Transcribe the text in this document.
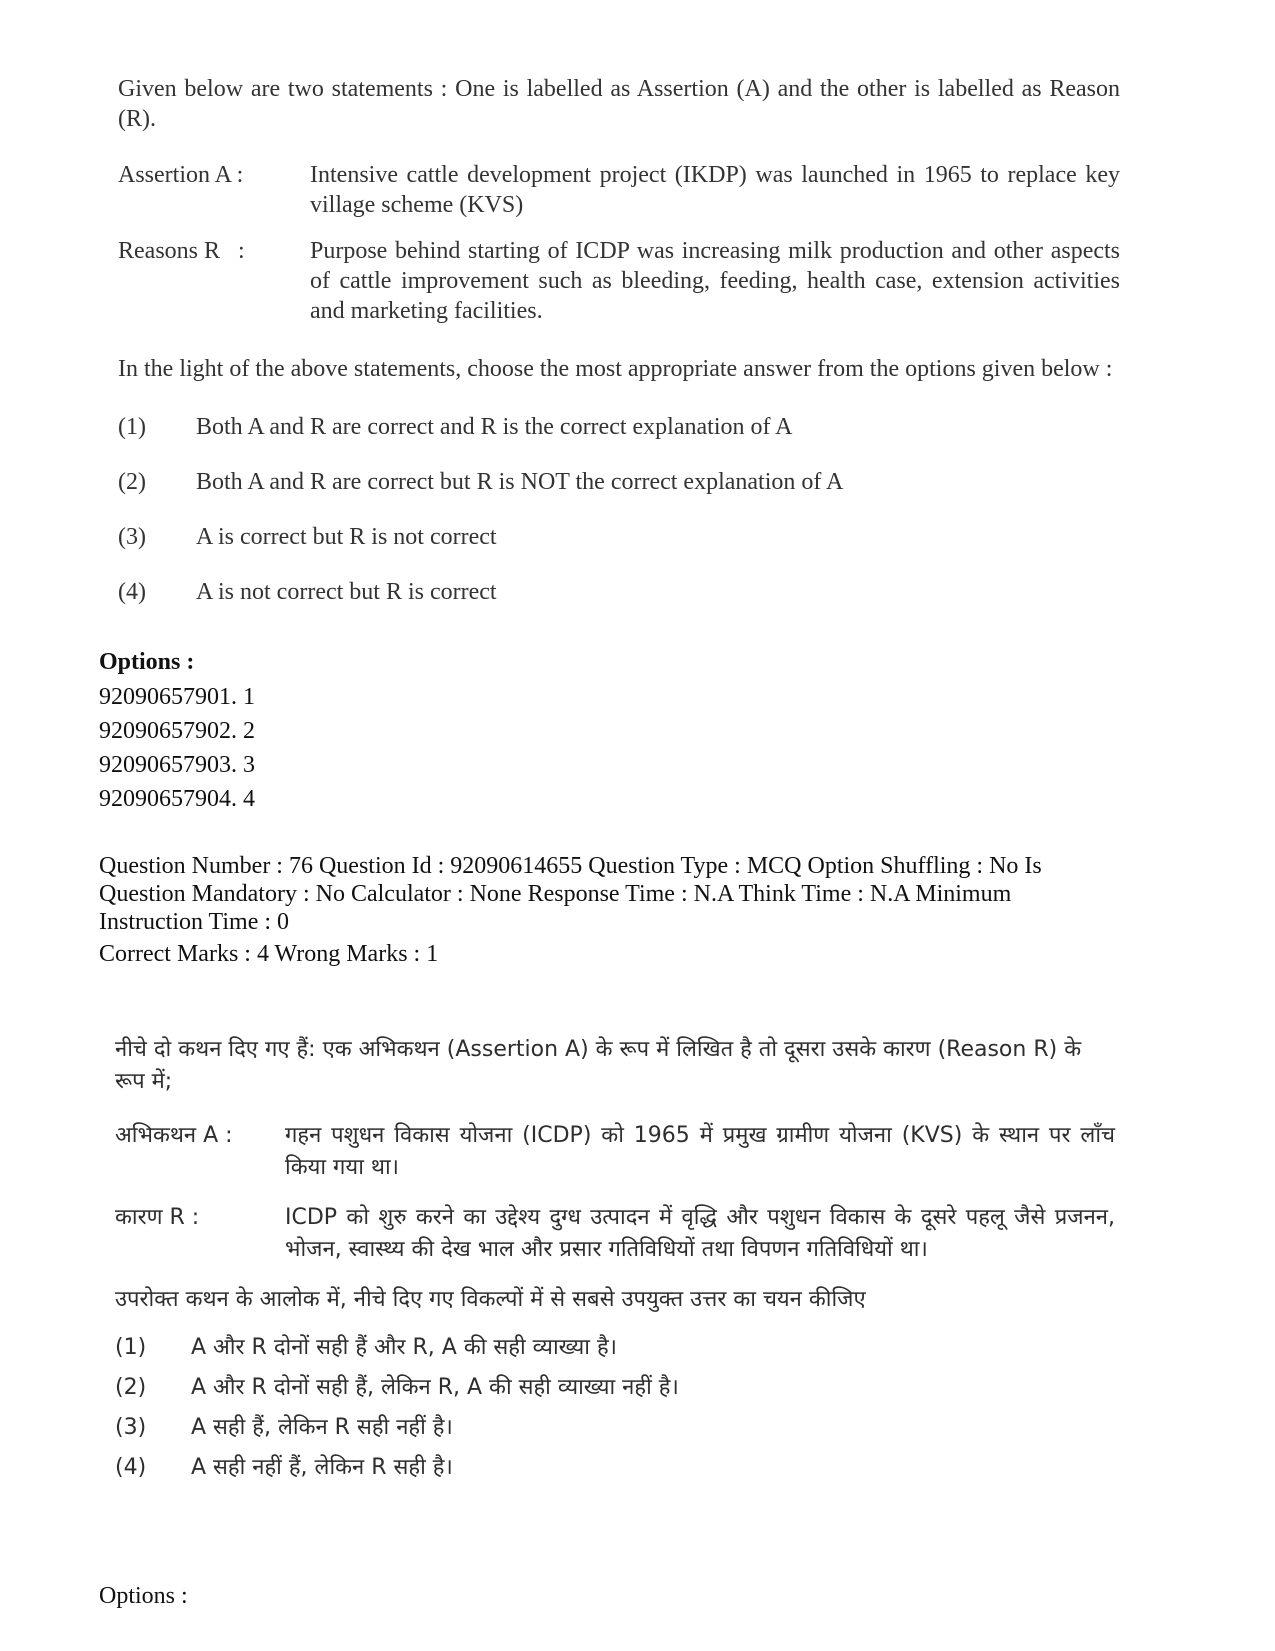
Given below are two statements : One is labelled as Assertion (A) and the other is labelled as Reason (R).

Assertion A :	Intensive cattle development project (IKDP) was launched in 1965 to replace key village scheme (KVS)
Reasons R   :	Purpose behind starting of ICDP was increasing milk production and other aspects of cattle improvement such as bleeding, feeding, health case, extension activities and marketing facilities.

In the light of the above statements, choose the most appropriate answer from the options given below :

(1)	Both A and R are correct and R is the correct explanation of A
(2)	Both A and R are correct but R is NOT the correct explanation of A
(3)	A is correct but R is not correct
(4)	A is not correct but R is correct
Options :
92090657901. 1
92090657902. 2
92090657903. 3
92090657904. 4
Question Number : 76 Question Id : 92090614655 Question Type : MCQ Option Shuffling : No Is
Question Mandatory : No Calculator : None Response Time : N.A Think Time : N.A Minimum
Instruction Time : 0
Correct Marks : 4 Wrong Marks : 1

नीचे दो कथन दिए गए हैं: एक अभिकथन (Assertion A) के रूप में लिखित है तो दूसरा उसके कारण (Reason R) के रूप में;

अभिकथन A :	गहन पशुधन विकास योजना (ICDP) को 1965 में प्रमुख ग्रामीण योजना (KVS) के स्थान पर लाँच किया गया था।
कारण R :	ICDP को शुरु करने का उद्देश्य दुग्ध उत्पादन में वृद्धि और पशुधन विकास के दूसरे पहलू जैसे प्रजनन, भोजन, स्वास्थ्य की देख भाल और प्रसार गतिविधियों तथा विपणन गतिविधियों था।

उपरोक्त कथन के आलोक में, नीचे दिए गए विकल्पों में से सबसे उपयुक्त उत्तर का चयन कीजिए

(1)	A और R दोनों सही हैं और R, A की सही व्याख्या है।
(2)	A और R दोनों सही हैं, लेकिन R, A की सही व्याख्या नहीं है।
(3)	A सही हैं, लेकिन R सही नहीं है।
(4)	A सही नहीं हैं, लेकिन R सही है।
Options :
